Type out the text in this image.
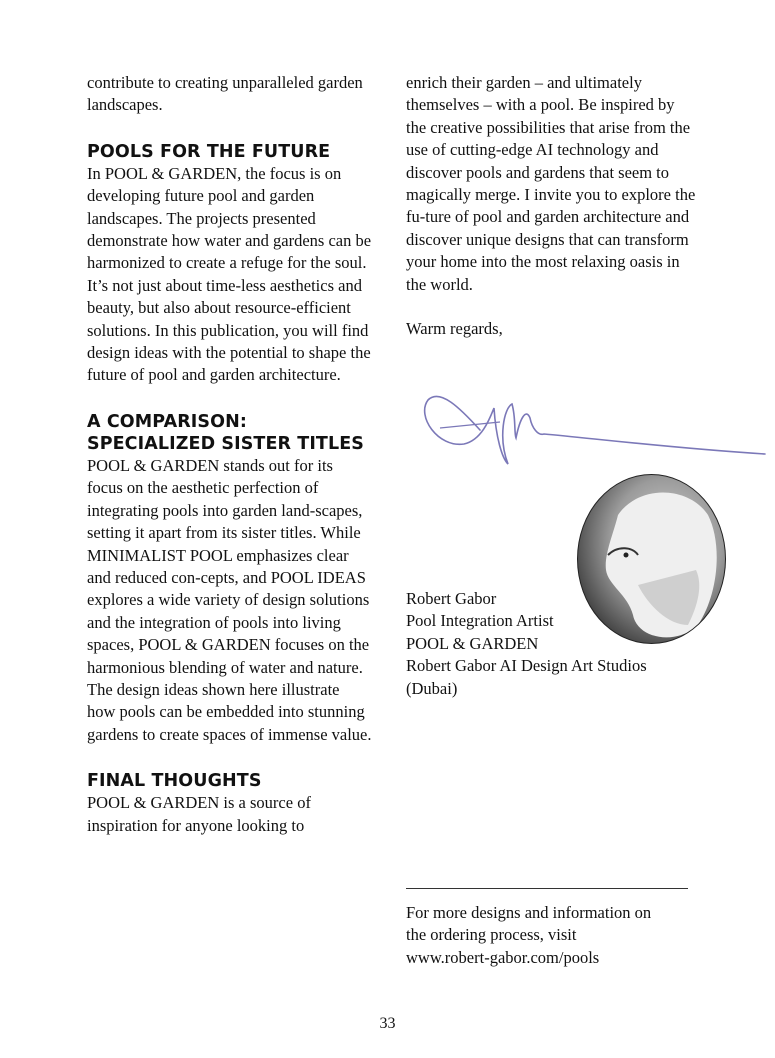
contribute to creating unparalleled garden landscapes.

POOLS FOR THE FUTURE

In POOL & GARDEN, the focus is on developing future pool and garden landscapes. The projects presented demonstrate how water and gardens can be harmonized to create a refuge for the soul. It’s not just about time-less aesthetics and beauty, but also about resource-efficient solutions. In this publication, you will find design ideas with the potential to shape the future of pool and garden architecture.

A COMPARISON:
SPECIALIZED SISTER TITLES

POOL & GARDEN stands out for its focus on the aesthetic perfection of integrating pools into garden land-scapes, setting it apart from its sister titles. While MINIMALIST POOL emphasizes clear and reduced con-cepts, and POOL IDEAS explores a wide variety of design solutions and the integration of pools into living spaces, POOL & GARDEN focuses on the harmonious blending of water and nature. The design ideas shown here illustrate how pools can be embedded into stunning gardens to create spaces of immense value.

FINAL THOUGHTS

POOL & GARDEN is a source of inspiration for anyone looking to

enrich their garden – and ultimately themselves – with a pool. Be inspired by the creative possibilities that arise from the use of cutting-edge AI technology and discover pools and gardens that seem to magically merge. I invite you to explore the fu-ture of pool and garden architecture and discover unique designs that can transform your home into the most relaxing oasis in the world.

Warm regards,

Robert Gabor

Pool Integration Artist

POOL & GARDEN

Robert Gabor AI Design Art Studios

(Dubai)

For more designs and information on

the ordering process, visit

www.robert-gabor.com/pools

33
